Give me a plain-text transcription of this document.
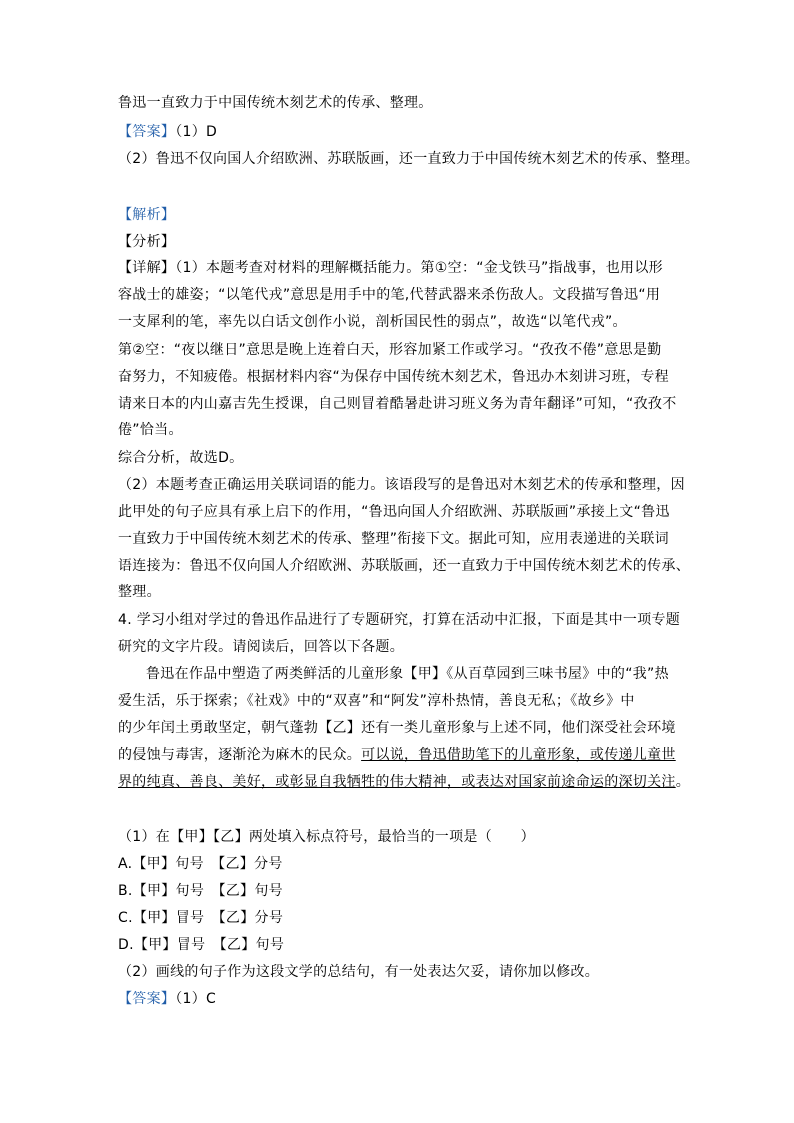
鲁迅一直致力于中国传统木刻艺术的传承、整理。
【答案】（1）D
（2）鲁迅不仅向国人介绍欧洲、苏联版画，还一直致力于中国传统木刻艺术的传承、整理。
【解析】
【分析】
【详解】（1）本题考查对材料的理解概括能力。第①空：“金戈铁马”指战事，也用以形
容战士的雄姿；“以笔代戎”意思是用手中的笔,代替武器来杀伤敌人。文段描写鲁迅“用
一支犀利的笔，率先以白话文创作小说，剖析国民性的弱点”，故选“以笔代戎”。
第②空：“夜以继日”意思是晚上连着白天，形容加紧工作或学习。“孜孜不倦”意思是勤
奋努力，不知疲倦。根据材料内容“为保存中国传统木刻艺术，鲁迅办木刻讲习班，专程
请来日本的内山嘉吉先生授课，自己则冒着酷暑赴讲习班义务为青年翻译”可知，“孜孜不
倦”恰当。
综合分析，故选D。
（2）本题考查正确运用关联词语的能力。该语段写的是鲁迅对木刻艺术的传承和整理，因
此甲处的句子应具有承上启下的作用，“鲁迅向国人介绍欧洲、苏联版画”承接上文“鲁迅
一直致力于中国传统木刻艺术的传承、整理”衔接下文。据此可知，应用表递进的关联词
语连接为：鲁迅不仅向国人介绍欧洲、苏联版画，还一直致力于中国传统木刻艺术的传承、
整理。
4. 学习小组对学过的鲁迅作品进行了专题研究，打算在活动中汇报，下面是其中一项专题
研究的文字片段。请阅读后，回答以下各题。
鲁迅在作品中塑造了两类鲜活的儿童形象【甲】《从百草园到三味书屋》中的“我”热
爱生活，乐于探索；《社戏》中的“双喜”和“阿发”淳朴热情，善良无私；《故乡》中
的少年闰土勇敢坚定，朝气蓬勃【乙】还有一类儿童形象与上述不同，他们深受社会环境
的侵蚀与毒害，逐渐沦为麻木的民众。可以说，鲁迅借助笔下的儿童形象，或传递儿童世
界的纯真、善良、美好，或彰显自我牺牲的伟大精神，或表达对国家前途命运的深切关注。
（1）在【甲】【乙】两处填入标点符号，最恰当的一项是（　　）
A.【甲】句号　【乙】分号
B.【甲】句号　【乙】句号
C.【甲】冒号　【乙】分号
D.【甲】冒号　【乙】句号
（2）画线的句子作为这段文学的总结句，有一处表达欠妥，请你加以修改。
【答案】（1）C
